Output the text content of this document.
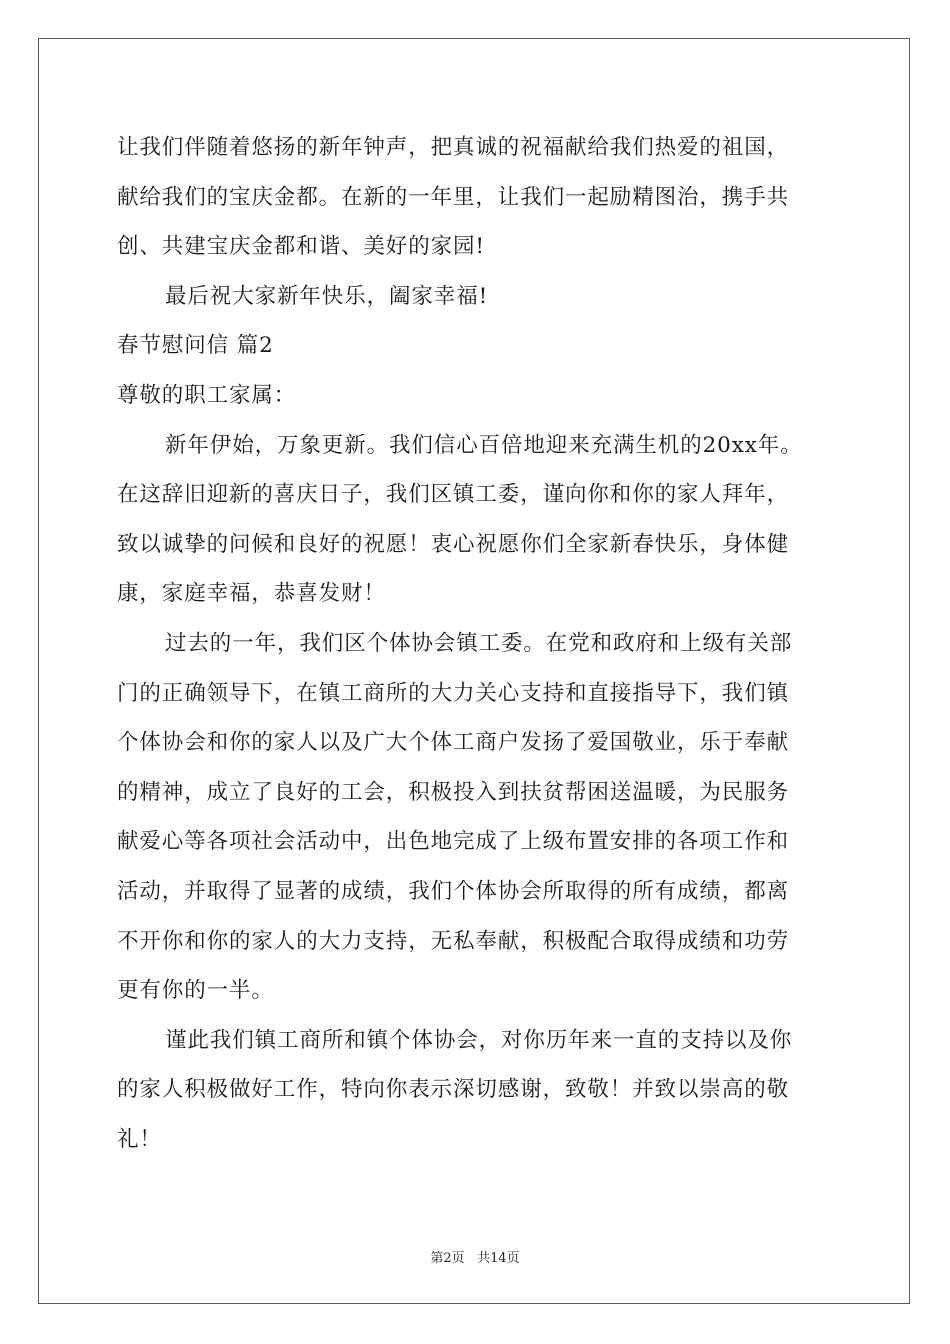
让我们伴随着悠扬的新年钟声，把真诚的祝福献给我们热爱的祖国，
献给我们的宝庆金都。在新的一年里，让我们一起励精图治，携手共
创、共建宝庆金都和谐、美好的家园!
最后祝大家新年快乐，阖家幸福!
春节慰问信 篇2
尊敬的职工家属：
新年伊始，万象更新。我们信心百倍地迎来充满生机的20xx年。
在这辞旧迎新的喜庆日子，我们区镇工委，谨向你和你的家人拜年，
致以诚挚的问候和良好的祝愿！衷心祝愿你们全家新春快乐，身体健
康，家庭幸福，恭喜发财！
过去的一年，我们区个体协会镇工委。在党和政府和上级有关部
门的正确领导下，在镇工商所的大力关心支持和直接指导下，我们镇
个体协会和你的家人以及广大个体工商户发扬了爱国敬业，乐于奉献
的精神，成立了良好的工会，积极投入到扶贫帮困送温暖，为民服务
献爱心等各项社会活动中，出色地完成了上级布置安排的各项工作和
活动，并取得了显著的成绩，我们个体协会所取得的所有成绩，都离
不开你和你的家人的大力支持，无私奉献，积极配合取得成绩和功劳
更有你的一半。
谨此我们镇工商所和镇个体协会，对你历年来一直的支持以及你
的家人积极做好工作，特向你表示深切感谢，致敬！并致以崇高的敬
礼！
第2页 共14页
